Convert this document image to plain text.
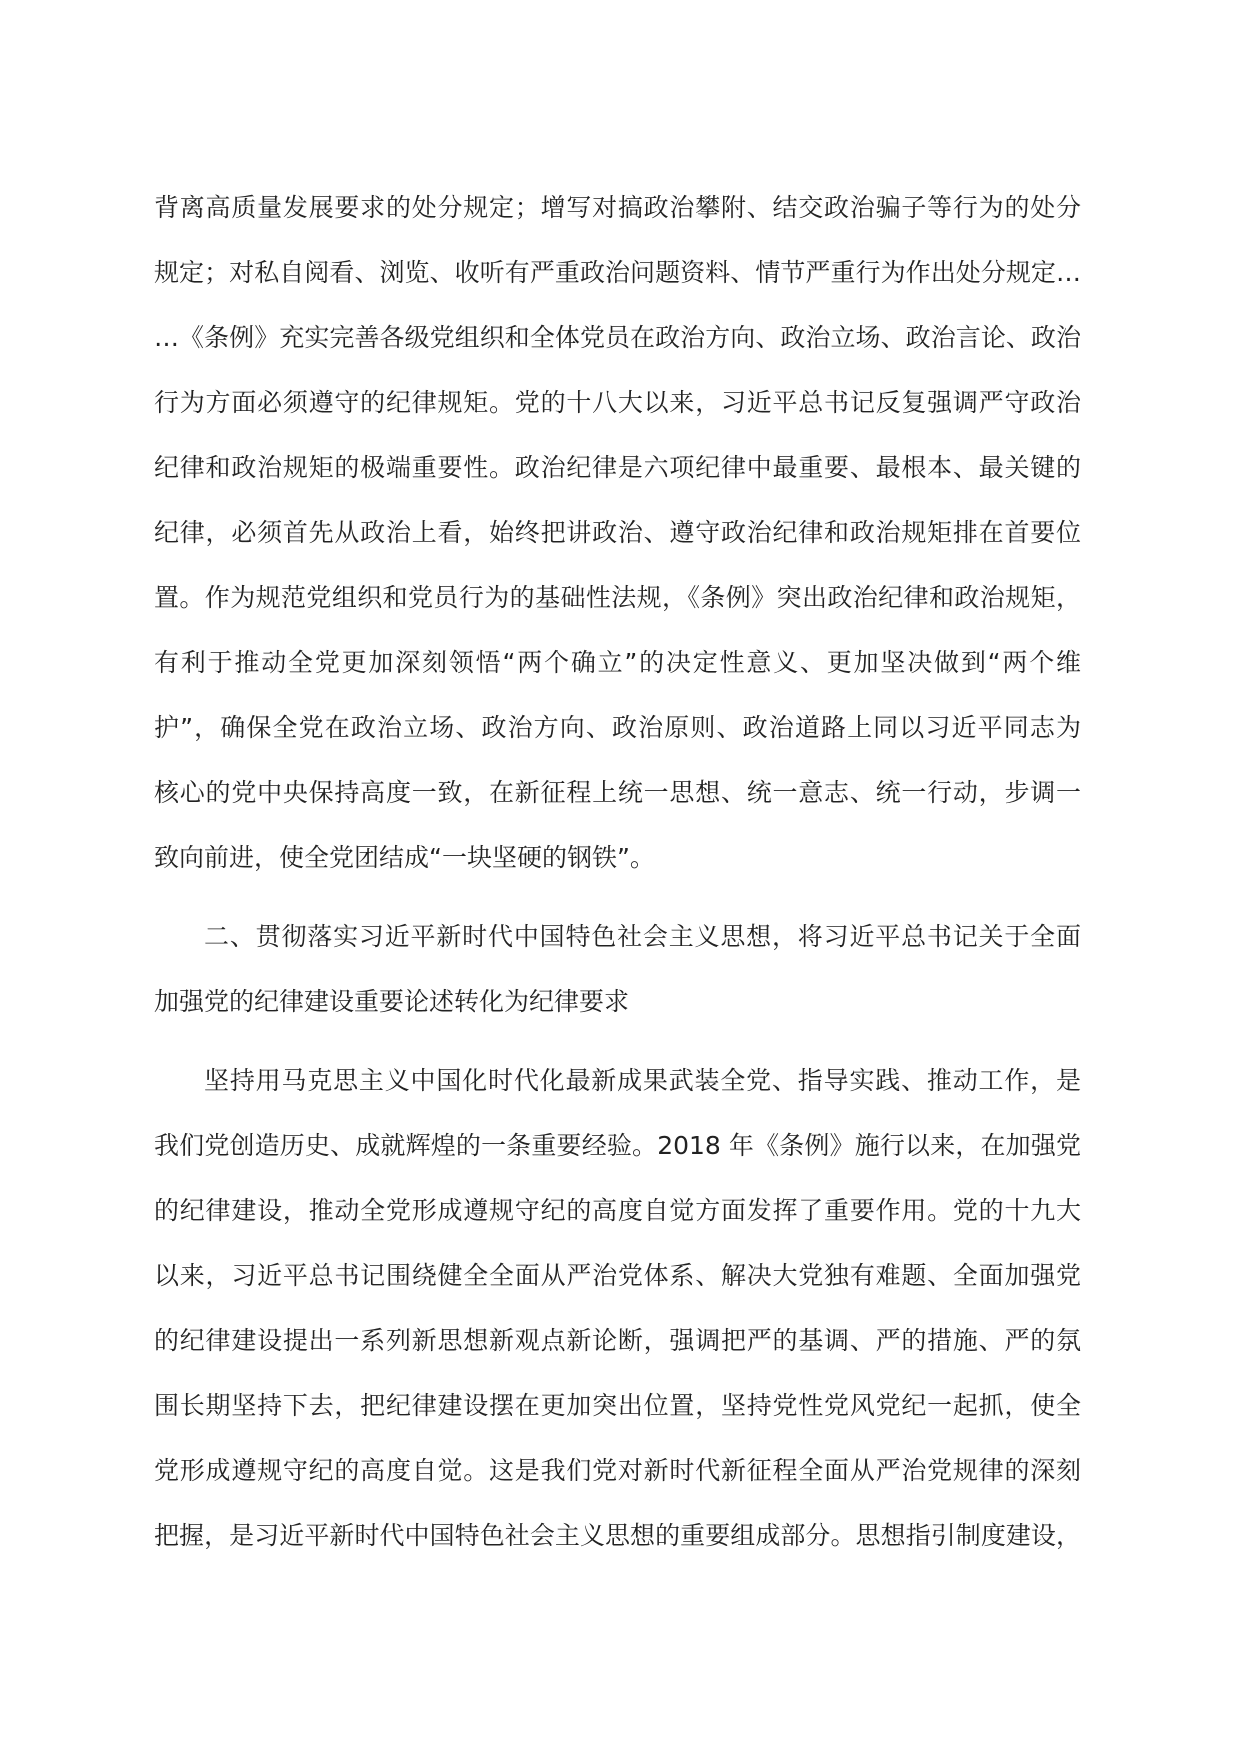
背离高质量发展要求的处分规定；增写对搞政治攀附、结交政治骗子等行为的处分
规定；对私自阅看、浏览、收听有严重政治问题资料、情节严重行为作出处分规定…
…《条例》充实完善各级党组织和全体党员在政治方向、政治立场、政治言论、政治
行为方面必须遵守的纪律规矩。党的十八大以来，习近平总书记反复强调严守政治
纪律和政治规矩的极端重要性。政治纪律是六项纪律中最重要、最根本、最关键的
纪律，必须首先从政治上看，始终把讲政治、遵守政治纪律和政治规矩排在首要位
置。作为规范党组织和党员行为的基础性法规，《条例》突出政治纪律和政治规矩，
有利于推动全党更加深刻领悟“两个确立”的决定性意义、更加坚决做到“两个维
护”，确保全党在政治立场、政治方向、政治原则、政治道路上同以习近平同志为
核心的党中央保持高度一致，在新征程上统一思想、统一意志、统一行动，步调一
致向前进，使全党团结成“一块坚硬的钢铁”。
二、贯彻落实习近平新时代中国特色社会主义思想，将习近平总书记关于全面
加强党的纪律建设重要论述转化为纪律要求
坚持用马克思主义中国化时代化最新成果武装全党、指导实践、推动工作，是
我们党创造历史、成就辉煌的一条重要经验。2018 年《条例》施行以来，在加强党
的纪律建设，推动全党形成遵规守纪的高度自觉方面发挥了重要作用。党的十九大
以来，习近平总书记围绕健全全面从严治党体系、解决大党独有难题、全面加强党
的纪律建设提出一系列新思想新观点新论断，强调把严的基调、严的措施、严的氛
围长期坚持下去，把纪律建设摆在更加突出位置，坚持党性党风党纪一起抓，使全
党形成遵规守纪的高度自觉。这是我们党对新时代新征程全面从严治党规律的深刻
把握，是习近平新时代中国特色社会主义思想的重要组成部分。思想指引制度建设，
